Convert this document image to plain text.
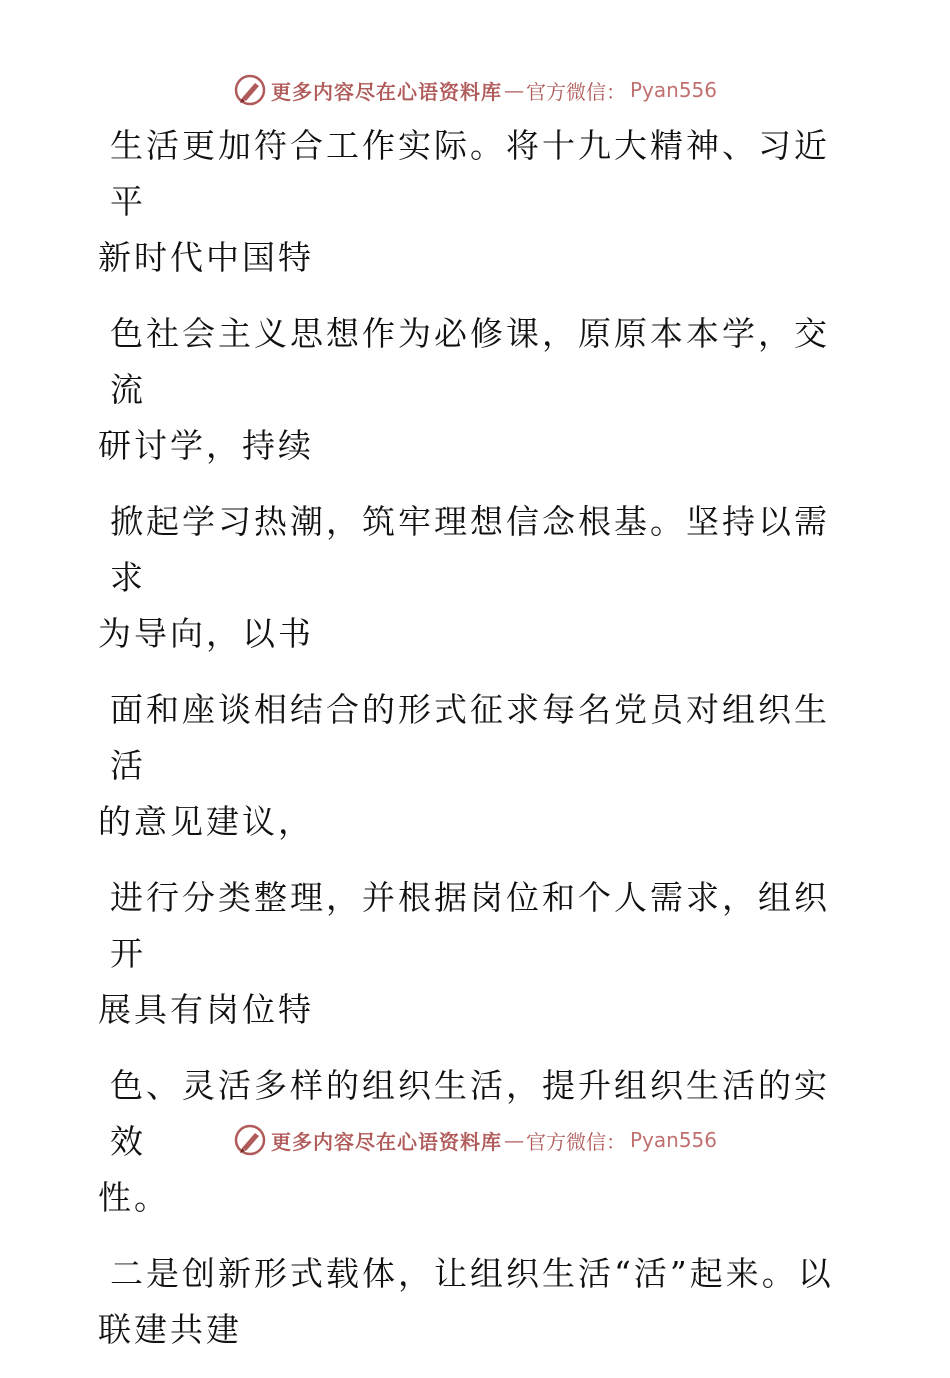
更多内容尽在心语资料库 — 官方微信： Pyan556

生活更加符合工作实际。将十九大精神、习近平
新时代中国特

色社会主义思想作为必修课，原原本本学，交流
研讨学，持续

掀起学习热潮，筑牢理想信念根基。坚持以需求
为导向，以书

面和座谈相结合的形式征求每名党员对组织生活
的意见建议，

进行分类整理，并根据岗位和个人需求，组织开
展具有岗位特

色、灵活多样的组织生活，提升组织生活的实效
性。

二是创新形式载体，让组织生活“活”起来。以
联建共建

更多内容尽在心语资料库 — 官方微信： Pyan556
